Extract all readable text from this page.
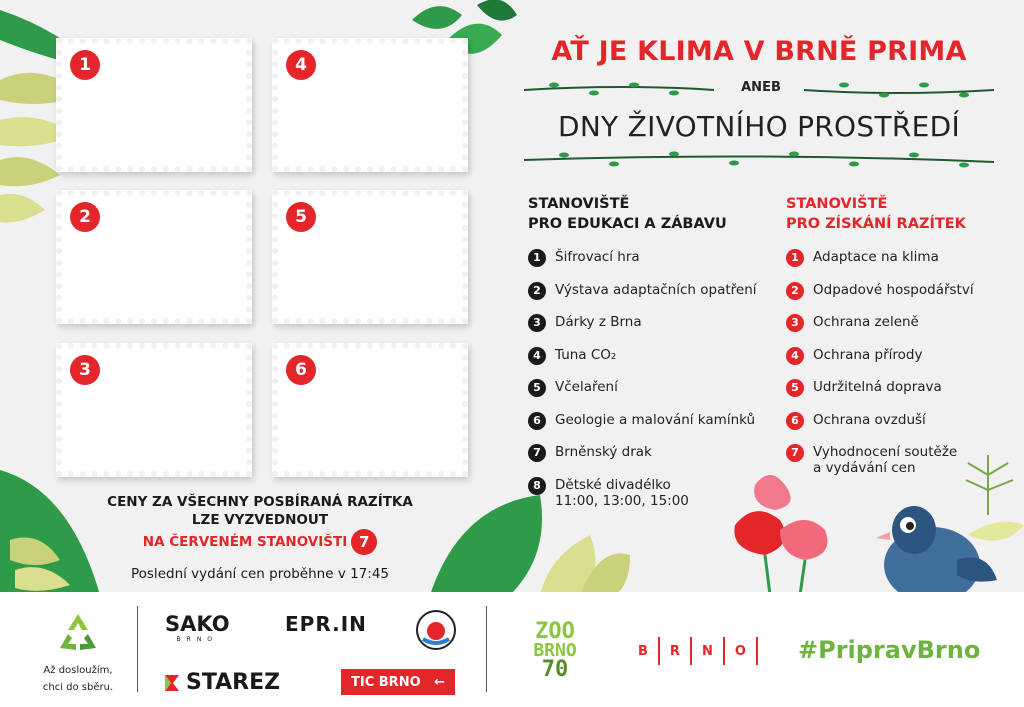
1	4
2	5
3	6
AŤ JE KLIMA V BRNĚ PRIMA
ANEB
DNY ŽIVOTNÍHO PROSTŘEDÍ
STANOVIŠTĚ
PRO EDUKACI A ZÁBAVU
1	Šifrovací hra
2	Výstava adaptačních opatření
3	Dárky z Brna
4	Tuna CO₂
5	Včelaření
6	Geologie a malování kamínků
7	Brněnský drak
8	Dětské divadélko
11:00, 13:00, 15:00
STANOVIŠTĚ
PRO ZÍSKÁNÍ RAZÍTEK
1	Adaptace na klima
2	Odpadové hospodářství
3	Ochrana zeleně
4	Ochrana přírody
5	Udržitelná doprava
6	Ochrana ovzduší
7	Vyhodnocení soutěže
a vydávání cen
CENY ZA VŠECHNY POSBÍRANÁ RAZÍTKA
LZE VYZVEDNOUT
NA ČERVENÉM STANOVIŠTI 7
Poslední vydání cen proběhne v 17:45
Až dosloužím,
chci do sběru.
SAKO
BRNO
EPR.IN
STAREZ	TIC BRNO ←
ZOO
BRNO
70
B R N O #PripravBrno
